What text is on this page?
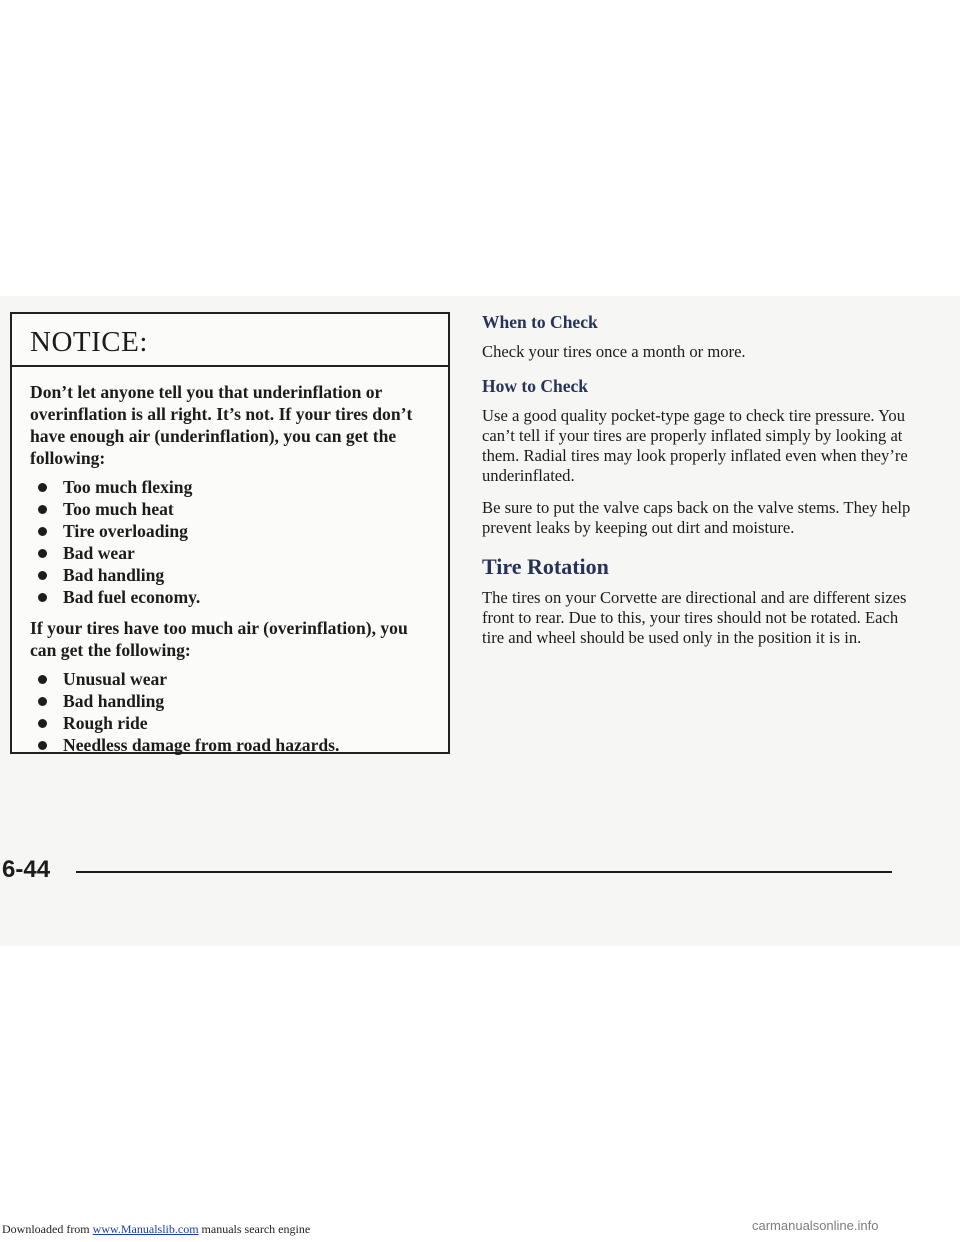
NOTICE:

Don’t let anyone tell you that underinflation or overinflation is all right. It’s not. If your tires don’t have enough air (underinflation), you can get the following:

Too much flexing
Too much heat
Tire overloading
Bad wear
Bad handling
Bad fuel economy.

If your tires have too much air (overinflation), you can get the following:

Unusual wear
Bad handling
Rough ride
Needless damage from road hazards.
When to Check

Check your tires once a month or more.

How to Check

Use a good quality pocket-type gage to check tire pressure. You can’t tell if your tires are properly inflated simply by looking at them. Radial tires may look properly inflated even when they’re underinflated.

Be sure to put the valve caps back on the valve stems. They help prevent leaks by keeping out dirt and moisture.

Tire Rotation

The tires on your Corvette are directional and are different sizes front to rear. Due to this, your tires should not be rotated. Each tire and wheel should be used only in the position it is in.

6-44
Downloaded from www.Manualslib.com manuals search engine	carmanualsonline.info
